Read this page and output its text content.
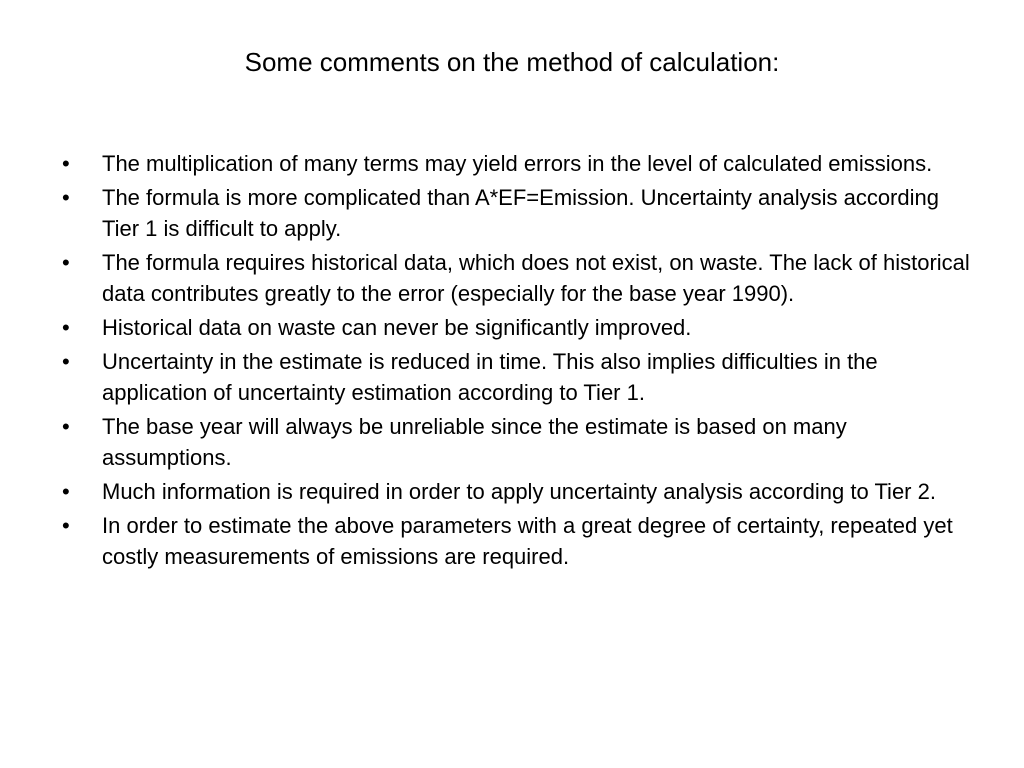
Some comments on the method of calculation:
•	The multiplication of many terms may yield errors in the level of calculated emissions.
•	The formula is more complicated than A*EF=Emission. Uncertainty analysis according Tier 1 is difficult to apply.
•	The formula requires historical data, which does not exist, on waste. The lack of historical data contributes greatly to the error (especially for the base year 1990).
•	Historical data on waste can never be significantly improved.
•	Uncertainty in the estimate is reduced in time. This also implies difficulties in the application of uncertainty estimation according to Tier 1.
•	The base year will always be unreliable since the estimate is based on many assumptions.
•	Much information is required in order to apply uncertainty analysis according to Tier 2.
•	In order to estimate the above parameters with a great degree of certainty, repeated yet costly measurements of emissions are required.
